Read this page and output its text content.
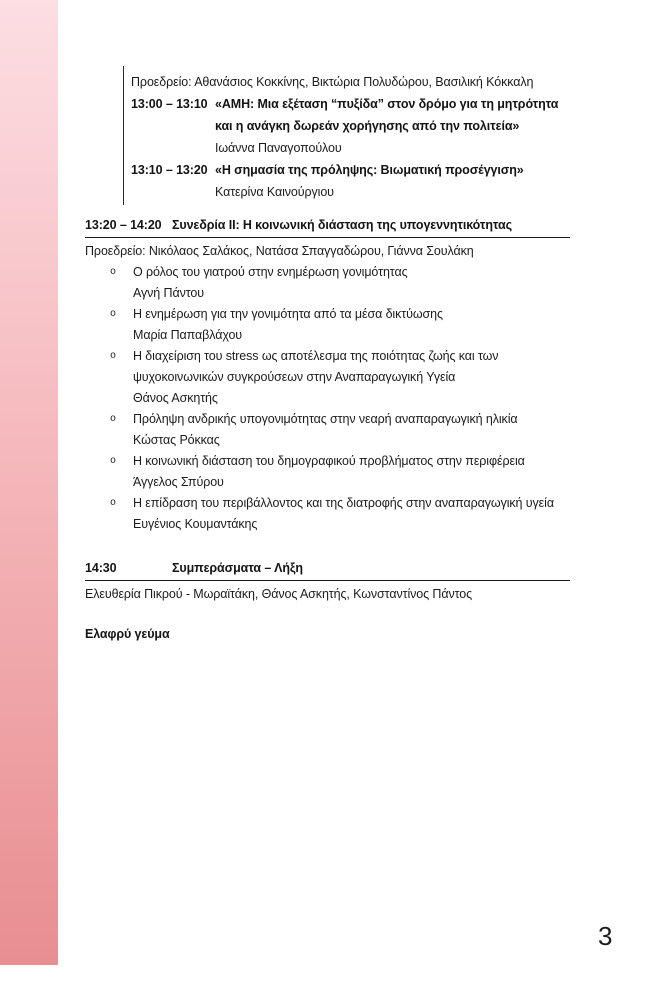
Προεδρείο: Αθανάσιος Κοκκίνης, Βικτώρια Πολυδώρου, Βασιλική Κόκκαλη
13:00 – 13:10 «ΑΜΗ: Μια εξέταση “πυξίδα” στον δρόμο για τη μητρότητα και η ανάγκη δωρεάν χορήγησης από την πολιτεία»
Ιωάννα Παναγοπούλου
13:10 – 13:20 «Η σημασία της πρόληψης: Βιωματική προσέγγιση»
Κατερίνα Καινούργιου
13:20 – 14:20 Συνεδρία ΙΙ: Η κοινωνική διάσταση της υπογεννητικότητας
Προεδρείο: Νικόλαος Σαλάκος, Νατάσα Σπαγγαδώρου, Γιάννα Σουλάκη
o	Ο ρόλος του γιατρού στην ενημέρωση γονιμότητας
Αγνή Πάντου
o	Η ενημέρωση για την γονιμότητα από τα μέσα δικτύωσης
Μαρία Παπαβλάχου
o	Η διαχείριση του stress ως αποτέλεσμα της ποιότητας ζωής και των ψυχοκοινωνικών συγκρούσεων στην Αναπαραγωγική Υγεία
Θάνος Ασκητής
o	Πρόληψη ανδρικής υπογονιμότητας στην νεαρή αναπαραγωγική ηλικία
Κώστας Ρόκκας
o	Η κοινωνική διάσταση του δημογραφικού προβλήματος στην περιφέρεια
Άγγελος Σπύρου
o	Η επίδραση του περιβάλλοντος και της διατροφής στην αναπαραγωγική υγεία
Ευγένιος Κουμαντάκης
14:30	Συμπεράσματα – Λήξη
Ελευθερία Πικρού - Μωραϊτάκη, Θάνος Ασκητής, Κωνσταντίνος Πάντος
Ελαφρύ γεύμα
3
